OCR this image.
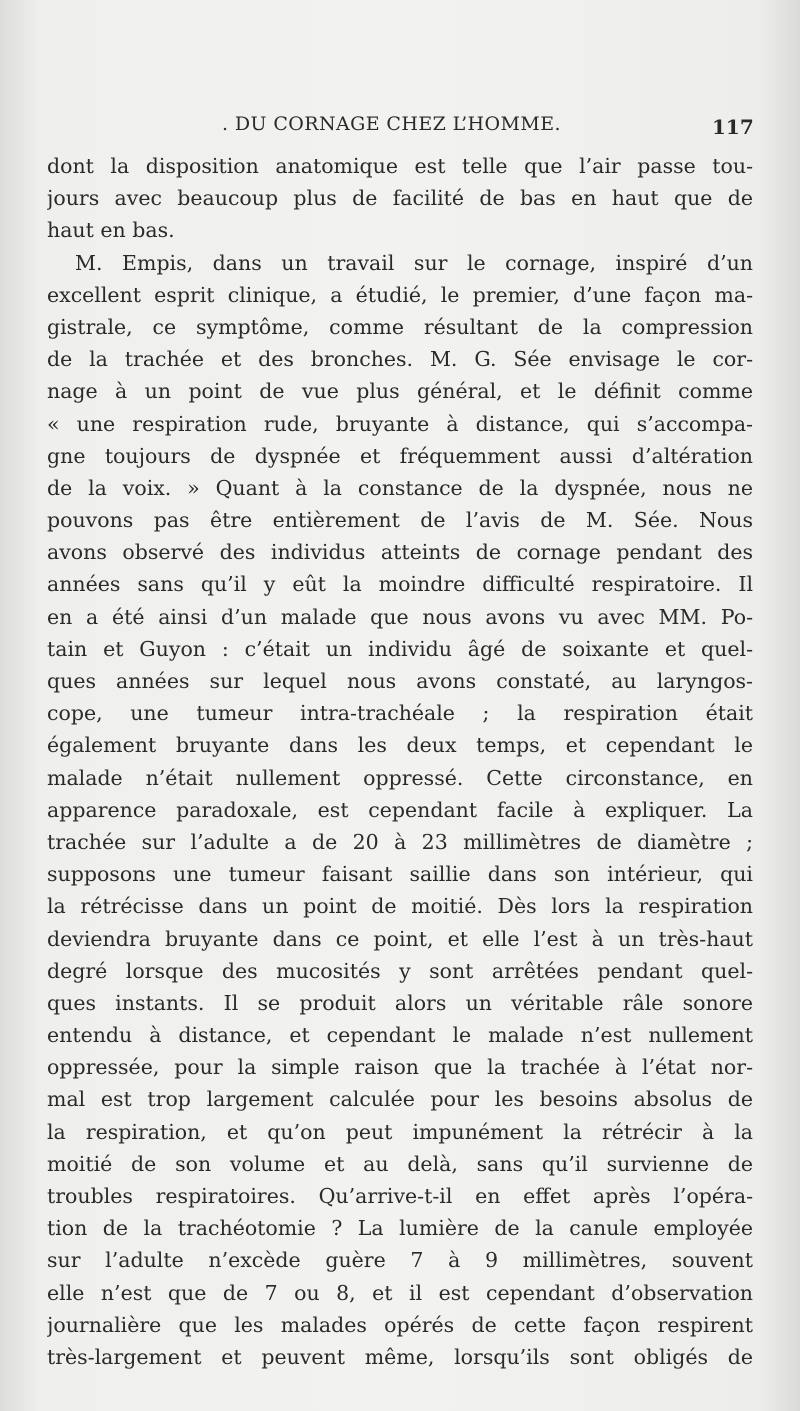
. DU CORNAGE CHEZ L’HOMME.	117
dont la disposition anatomique est telle que l’air passe tou-
jours avec beaucoup plus de facilité de bas en haut que de
haut en bas.
M. Empis, dans un travail sur le cornage, inspiré d’un
excellent esprit clinique, a étudié, le premier, d’une façon ma-
gistrale, ce symptôme, comme résultant de la compression
de la trachée et des bronches. M. G. Sée envisage le cor-
nage à un point de vue plus général, et le définit comme
« une respiration rude, bruyante à distance, qui s’accompa-
gne toujours de dyspnée et fréquemment aussi d’altération
de la voix. » Quant à la constance de la dyspnée, nous ne
pouvons pas être entièrement de l’avis de M. Sée. Nous
avons observé des individus atteints de cornage pendant des
années sans qu’il y eût la moindre difficulté respiratoire. Il
en a été ainsi d’un malade que nous avons vu avec MM. Po-
tain et Guyon : c’était un individu âgé de soixante et quel-
ques années sur lequel nous avons constaté, au laryngos-
cope, une tumeur intra-trachéale ; la respiration était
également bruyante dans les deux temps, et cependant le
malade n’était nullement oppressé. Cette circonstance, en
apparence paradoxale, est cependant facile à expliquer. La
trachée sur l’adulte a de 20 à 23 millimètres de diamètre ;
supposons une tumeur faisant saillie dans son intérieur, qui
la rétrécisse dans un point de moitié. Dès lors la respiration
deviendra bruyante dans ce point, et elle l’est à un très-haut
degré lorsque des mucosités y sont arrêtées pendant quel-
ques instants. Il se produit alors un véritable râle sonore
entendu à distance, et cependant le malade n’est nullement
oppressée, pour la simple raison que la trachée à l’état nor-
mal est trop largement calculée pour les besoins absolus de
la respiration, et qu’on peut impunément la rétrécir à la
moitié de son volume et au delà, sans qu’il survienne de
troubles respiratoires. Qu’arrive-t-il en effet après l’opéra-
tion de la trachéotomie ? La lumière de la canule employée
sur l’adulte n’excède guère 7 à 9 millimètres, souvent
elle n’est que de 7 ou 8, et il est cependant d’observation
journalière que les malades opérés de cette façon respirent
très-largement et peuvent même, lorsqu’ils sont obligés de
